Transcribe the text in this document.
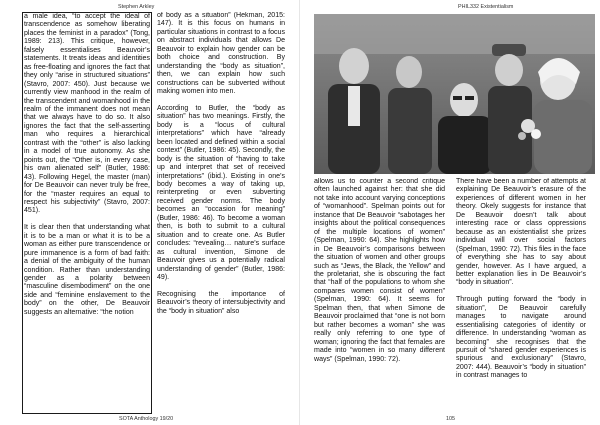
Stephen Arkley

a male idea, “to accept the ideal of transcendence as somehow liberating places the feminist in a paradox” (Tong, 1989: 213). This critique, however, falsely essentialises Beauvoir’s statements. It treats ideas and identities as free-floating and ignores the fact that they only “arise in structured situations” (Stavro, 2007: 450). Just because we currently view manhood in the realm of the transcendent and womanhood in the realm of the immanent does not mean that we always have to do so. It also ignores the fact that the self-asserting man who requires a hierarchical contrast with the “other” is also lacking in a model of true autonomy. As she points out, the “Other is, in every case, his own alienated self” (Butler, 1986: 43). Following Hegel, the master (man) for De Beauvoir can never truly be free, for the “master requires an equal to respect his subjectivity” (Stavro, 2007: 451).

It is clear then that understanding what it is to be a man or what it is to be a woman as either pure transcendence or pure immanence is a form of bad faith: a denial of the ambiguity of the human condition. Rather than understanding gender as a polarity between “masculine disembodiment” on the one side and “feminine enslavement to the body” on the other, De Beauvoir suggests an alternative: “the notion

of body as a situation” (Hekman, 2015: 147). It is this focus on humans in particular situations in contrast to a focus on abstract individuals that allows De Beauvoir to explain how gender can be both choice and construction. By understanding the “body as situation”, then, we can explain how such constructions can be subverted without making women into men.

According to Butler, the “body as situation” has two meanings. Firstly, the body is a “locus of cultural interpretations” which have “already been located and defined within a social context” (Butler, 1986: 45). Secondly, the body is the situation of “having to take up and interpret that set of received interpretations” (ibid.). Existing in one’s body becomes a way of taking up, reinterpreting or even subverting received gender norms. The body becomes an “occasion for meaning” (Butler, 1986: 46). To become a woman then, is both to submit to a cultural situation and to create one. As Butler concludes: “revealing… nature’s surface as cultural invention, Simone de Beauvoir gives us a potentially radical understanding of gender” (Butler, 1986: 49).

Recognising the importance of Beauvoir’s theory of intersubjectivity and the “body in situation” also

SOTA Anthology 19/20
PHIL332 Existentialism

allows us to counter a second critique often launched against her: that she did not take into account varying conceptions of “womanhood”. Spelman points out for instance that De Beauvoir “sabotages her insights about the political consequences of the multiple locations of women” (Spelman, 1990: 64). She highlights how in De Beauvoir’s comparisons between the situation of women and other groups such as “Jews, the Black, the Yellow” and the proletariat, she is obscuring the fact that “half of the populations to whom she compares women consist of women” (Spelman, 1990: 64). It seems for Spelman then, that when Simone de Beauvoir proclaimed that “one is not born but rather becomes a woman” she was really only referring to one type of woman; ignoring the fact that females are made into “women in so many different ways” (Spelman, 1990: 72).

There have been a number of attempts at explaining De Beauvoir’s erasure of the experiences of different women in her theory. Okely suggests for instance that De Beauvoir doesn’t talk about interesting race or class oppressions because as an existentialist she prizes individual will over social factors (Spelman, 1990: 72). This files in the face of everything she has to say about gender, however. As I have argued, a better explanation lies in De Beauvoir’s “body in situation”.

Through putting forward the “body in situation”, De Beauvoir carefully manages to navigate around essentialising categories of identity or difference. In understanding “woman as becoming” she recognises that the pursuit of “shared gender experiences is spurious and exclusionary” (Stavro, 2007: 444). Beauvoir’s “body in situation” in contrast manages to

105
